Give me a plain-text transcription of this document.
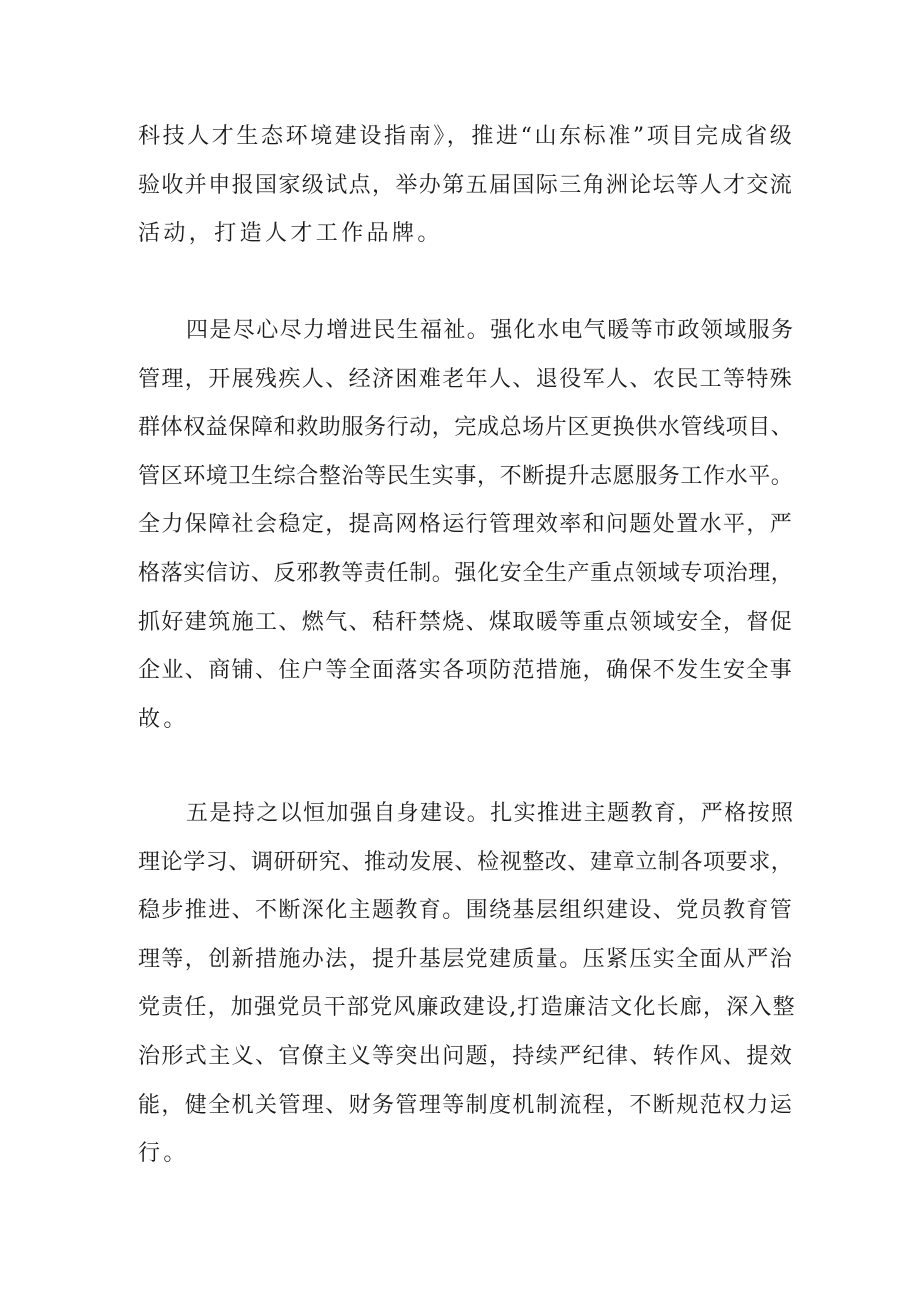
科技人才生态环境建设指南》，推进“山东标准”项目完成省级
验收并申报国家级试点，举办第五届国际三角洲论坛等人才交流
活动，打造人才工作品牌。
四是尽心尽力增进民生福祉。强化水电气暖等市政领域服务
管理，开展残疾人、经济困难老年人、退役军人、农民工等特殊
群体权益保障和救助服务行动，完成总场片区更换供水管线项目、
管区环境卫生综合整治等民生实事，不断提升志愿服务工作水平。
全力保障社会稳定，提高网格运行管理效率和问题处置水平，严
格落实信访、反邪教等责任制。强化安全生产重点领域专项治理，
抓好建筑施工、燃气、秸秆禁烧、煤取暖等重点领域安全，督促
企业、商铺、住户等全面落实各项防范措施，确保不发生安全事
故。
五是持之以恒加强自身建设。扎实推进主题教育，严格按照
理论学习、调研研究、推动发展、检视整改、建章立制各项要求，
稳步推进、不断深化主题教育。围绕基层组织建设、党员教育管
理等，创新措施办法，提升基层党建质量。压紧压实全面从严治
党责任，加强党员干部党风廉政建设,打造廉洁文化长廊，深入整
治形式主义、官僚主义等突出问题，持续严纪律、转作风、提效
能，健全机关管理、财务管理等制度机制流程，不断规范权力运
行。
